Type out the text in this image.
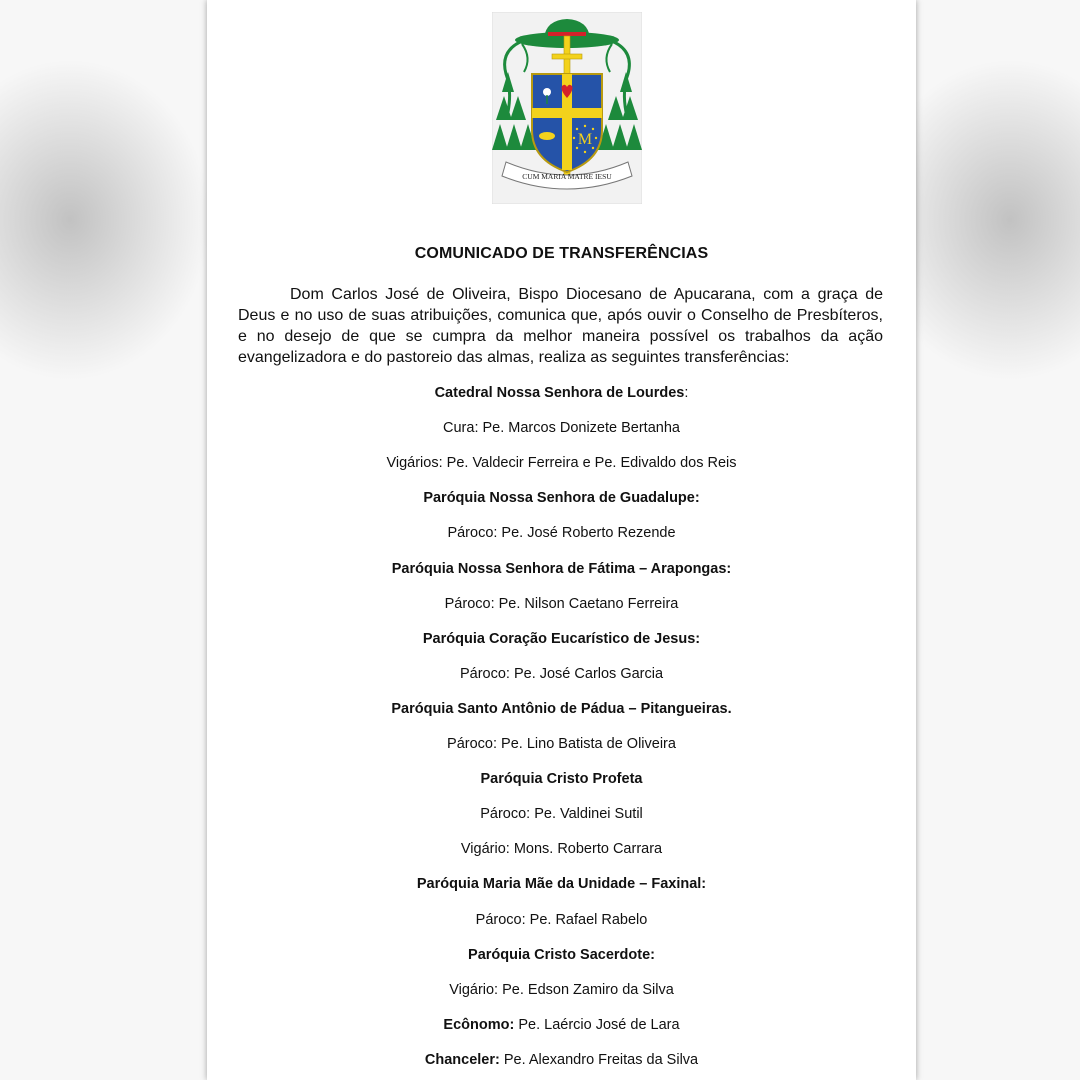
M
CUM MARIA MATRE IESU
COMUNICADO DE TRANSFERÊNCIAS
Dom Carlos José de Oliveira, Bispo Diocesano de Apucarana, com a graça de Deus e no uso de suas atribuições, comunica que, após ouvir o Conselho de Presbíteros, e no desejo de que se cumpra da melhor maneira possível os trabalhos da ação evangelizadora e do pastoreio das almas, realiza as seguintes transferências:
Catedral Nossa Senhora de Lourdes:
Cura: Pe. Marcos Donizete Bertanha
Vigários: Pe. Valdecir Ferreira e Pe. Edivaldo dos Reis
Paróquia Nossa Senhora de Guadalupe:
Pároco: Pe. José Roberto Rezende
Paróquia Nossa Senhora de Fátima – Arapongas:
Pároco: Pe. Nilson Caetano Ferreira
Paróquia Coração Eucarístico de Jesus:
Pároco: Pe. José Carlos Garcia
Paróquia Santo Antônio de Pádua – Pitangueiras.
Pároco: Pe. Lino Batista de Oliveira
Paróquia Cristo Profeta
Pároco: Pe. Valdinei Sutil
Vigário: Mons. Roberto Carrara
Paróquia Maria Mãe da Unidade – Faxinal:
Pároco: Pe. Rafael Rabelo
Paróquia Cristo Sacerdote:
Vigário: Pe. Edson Zamiro da Silva
Ecônomo: Pe. Laércio José de Lara
Chanceler: Pe. Alexandro Freitas da Silva
